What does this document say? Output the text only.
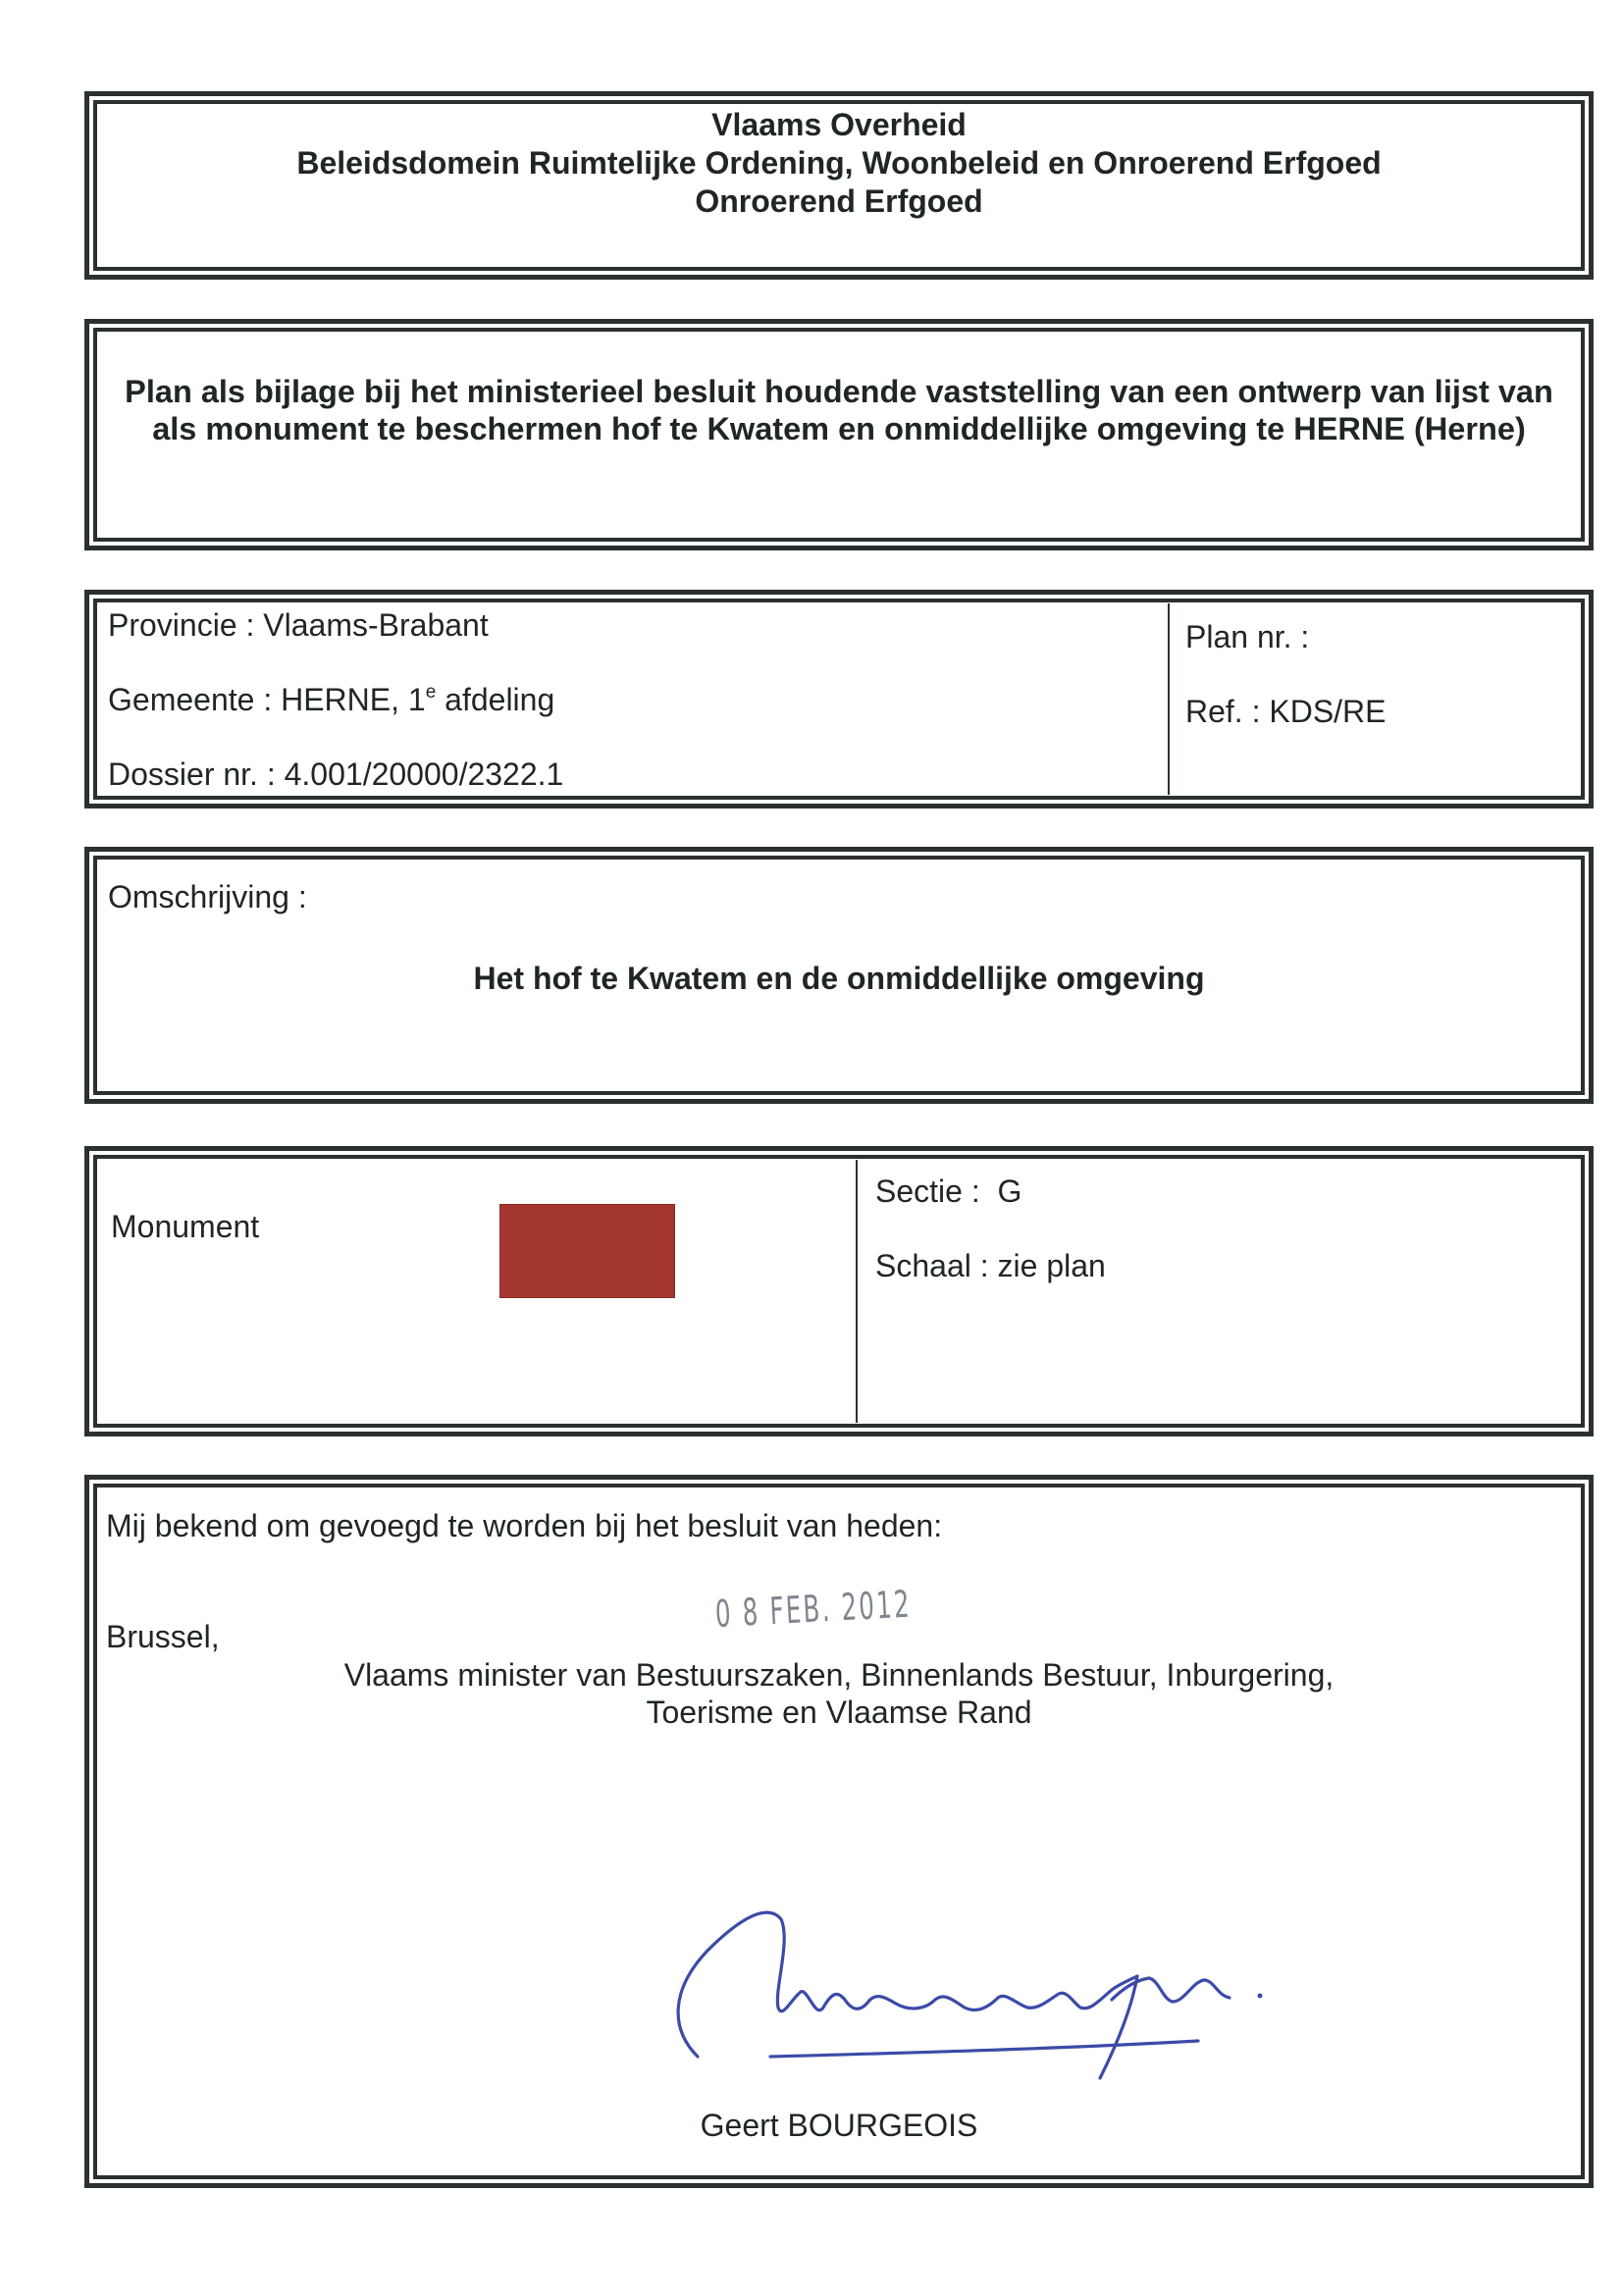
Vlaams Overheid
Beleidsdomein Ruimtelijke Ordening, Woonbeleid en Onroerend Erfgoed
Onroerend Erfgoed
Plan als bijlage bij het ministerieel besluit houdende vaststelling van een ontwerp van lijst van
als monument te beschermen hof te Kwatem en onmiddellijke omgeving te HERNE (Herne)
Provincie : Vlaams-Brabant
Gemeente : HERNE, 1e afdeling
Dossier nr. : 4.001/20000/2322.1
Plan nr. :
Ref. : KDS/RE
Omschrijving :
Het hof te Kwatem en de onmiddellijke omgeving
Monument
Sectie : G
Schaal : zie plan
Mij bekend om gevoegd te worden bij het besluit van heden:
Brussel,
0 8 FEB. 2012
Vlaams minister van Bestuurszaken, Binnenlands Bestuur, Inburgering,
Toerisme en Vlaamse Rand
Geert BOURGEOIS
